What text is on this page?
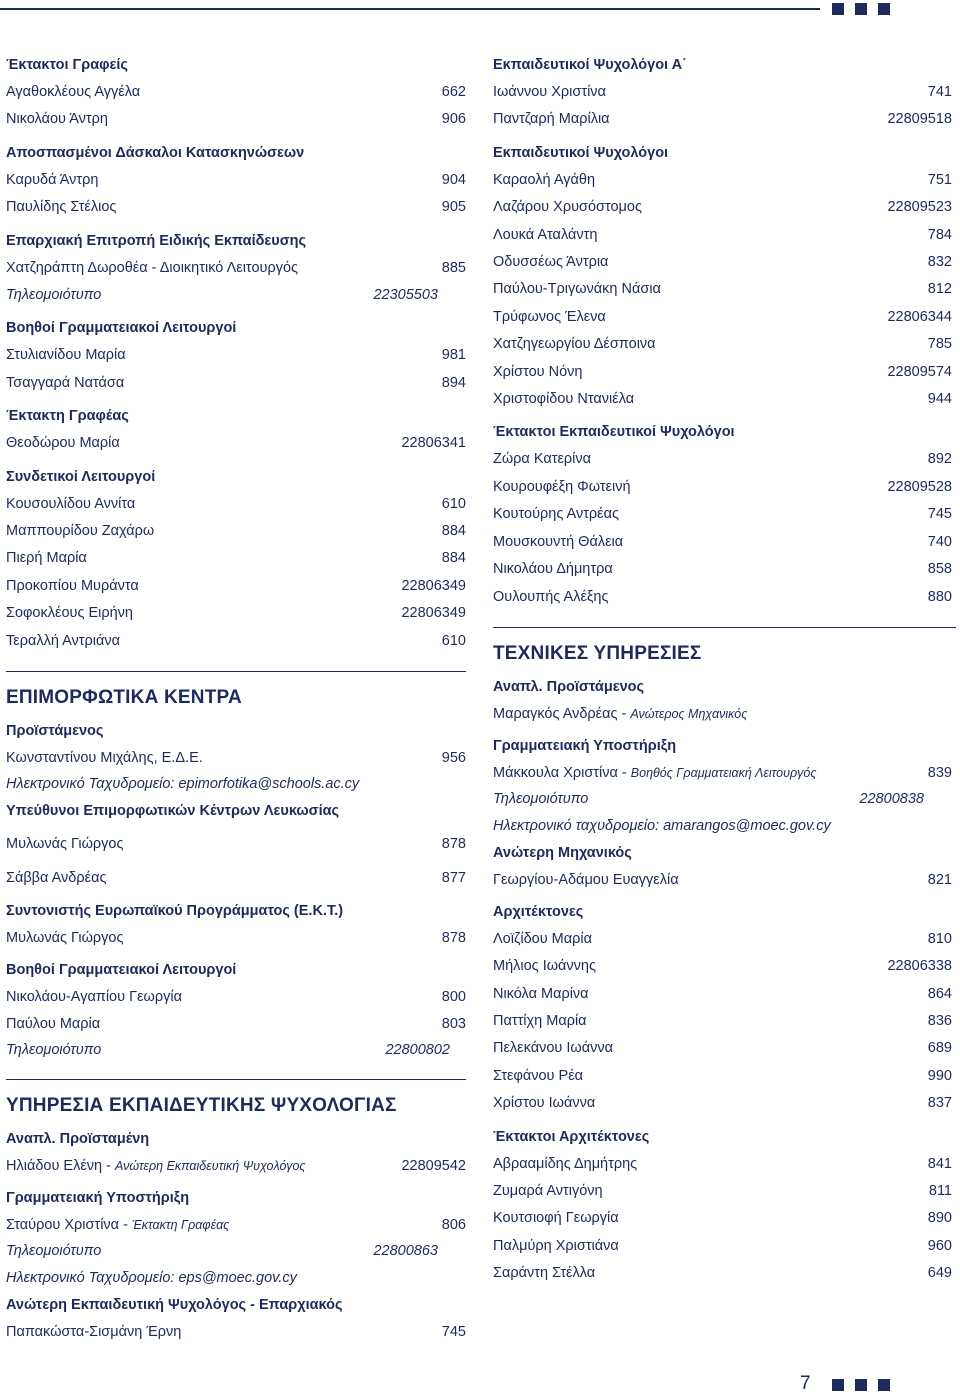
Έκτακτοι Γραφείς
Αγαθοκλέους Αγγέλα	662
Νικολάου Άντρη	906
Αποσπασμένοι Δάσκαλοι Κατασκηνώσεων
Καρυδά Άντρη	904
Παυλίδης Στέλιος	905
Επαρχιακή Επιτροπή Ειδικής Εκπαίδευσης
Χατζηράπτη Δωροθέα - Διοικητικό Λειτουργός	885
Τηλεομοιότυπο	22305503
Βοηθοί Γραμματειακοί Λειτουργοί
Στυλιανίδου Μαρία	981
Τσαγγαρά Νατάσα	894
Έκτακτη Γραφέας
Θεοδώρου Μαρία	22806341
Συνδετικοί Λειτουργοί
Κουσουλίδου Αννίτα	610
Μαππουρίδου Ζαχάρω	884
Πιερή Μαρία	884
Προκοπίου Μυράντα	22806349
Σοφοκλέους Ειρήνη	22806349
Τεραλλή Αντριάνα	610
ΕΠΙΜΟΡΦΩΤΙΚΑ ΚΕΝΤΡΑ
Προϊστάμενος
Κωνσταντίνου Μιχάλης, Ε.Δ.Ε.	956
Ηλεκτρονικό Ταχυδρομείο: epimorfotika@schools.ac.cy
Υπεύθυνοι Επιμορφωτικών Κέντρων Λευκωσίας
Μυλωνάς Γιώργος	878
Σάββα Ανδρέας	877
Συντονιστής Ευρωπαϊκού Προγράμματος (Ε.Κ.Τ.)
Μυλωνάς Γιώργος	878
Βοηθοί Γραμματειακοί Λειτουργοί
Νικολάου-Αγαπίου Γεωργία	800
Παύλου Μαρία	803
Τηλεομοιότυπο	22800802
ΥΠΗΡΕΣΙΑ ΕΚΠΑΙΔΕΥΤΙΚΗΣ ΨΥΧΟΛΟΓΙΑΣ
Αναπλ. Προϊσταμένη
Ηλιάδου Ελένη - Ανώτερη Εκπαιδευτική Ψυχολόγος	22809542
Γραμματειακή Υποστήριξη
Σταύρου Χριστίνα - Έκτακτη Γραφέας	806
Τηλεομοιότυπο	22800863
Ηλεκτρονικό Ταχυδρομείο: eps@moec.gov.cy
Ανώτερη Εκπαιδευτική Ψυχολόγος - Επαρχιακός
Παπακώστα-Σισμάνη Έρνη	745
Εκπαιδευτικοί Ψυχολόγοι Α΄
Ιωάννου Χριστίνα	741
Παντζαρή Μαρίλια	22809518
Εκπαιδευτικοί Ψυχολόγοι
Καραολή Αγάθη	751
Λαζάρου Χρυσόστομος	22809523
Λουκά Αταλάντη	784
Οδυσσέως Άντρια	832
Παύλου-Τριγωνάκη Νάσια	812
Τρύφωνος Έλενα	22806344
Χατζηγεωργίου Δέσποινα	785
Χρίστου Νόνη	22809574
Χριστοφίδου Ντανιέλα	944
Έκτακτοι Εκπαιδευτικοί Ψυχολόγοι
Ζώρα Κατερίνα	892
Κουρουφέξη Φωτεινή	22809528
Κουτούρης Αντρέας	745
Μουσκουντή Θάλεια	740
Νικολάου Δήμητρα	858
Ουλουπής Αλέξης	880
ΤΕΧΝΙΚΕΣ ΥΠΗΡΕΣΙΕΣ
Αναπλ. Προϊστάμενος
Μαραγκός Ανδρέας - Ανώτερος Μηχανικός
Γραμματειακή Υποστήριξη
Μάκκουλα Χριστίνα - Βοηθός Γραμματειακή Λειτουργός	839
Τηλεομοιότυπο	22800838
Ηλεκτρονικό ταχυδρομείο: amarangos@moec.gov.cy
Ανώτερη Μηχανικός
Γεωργίου-Αδάμου Ευαγγελία	821
Αρχιτέκτονες
Λοϊζίδου Μαρία	810
Μήλιος Ιωάννης	22806338
Νικόλα Μαρίνα	864
Παττίχη Μαρία	836
Πελεκάνου Ιωάννα	689
Στεφάνου Ρέα	990
Χρίστου Ιωάννα	837
Έκτακτοι Αρχιτέκτονες
Αβρααμίδης Δημήτρης	841
Ζυμαρά Αντιγόνη	811
Κουτσιοφή Γεωργία	890
Παλμύρη Χριστιάνα	960
Σαράντη Στέλλα	649
7
